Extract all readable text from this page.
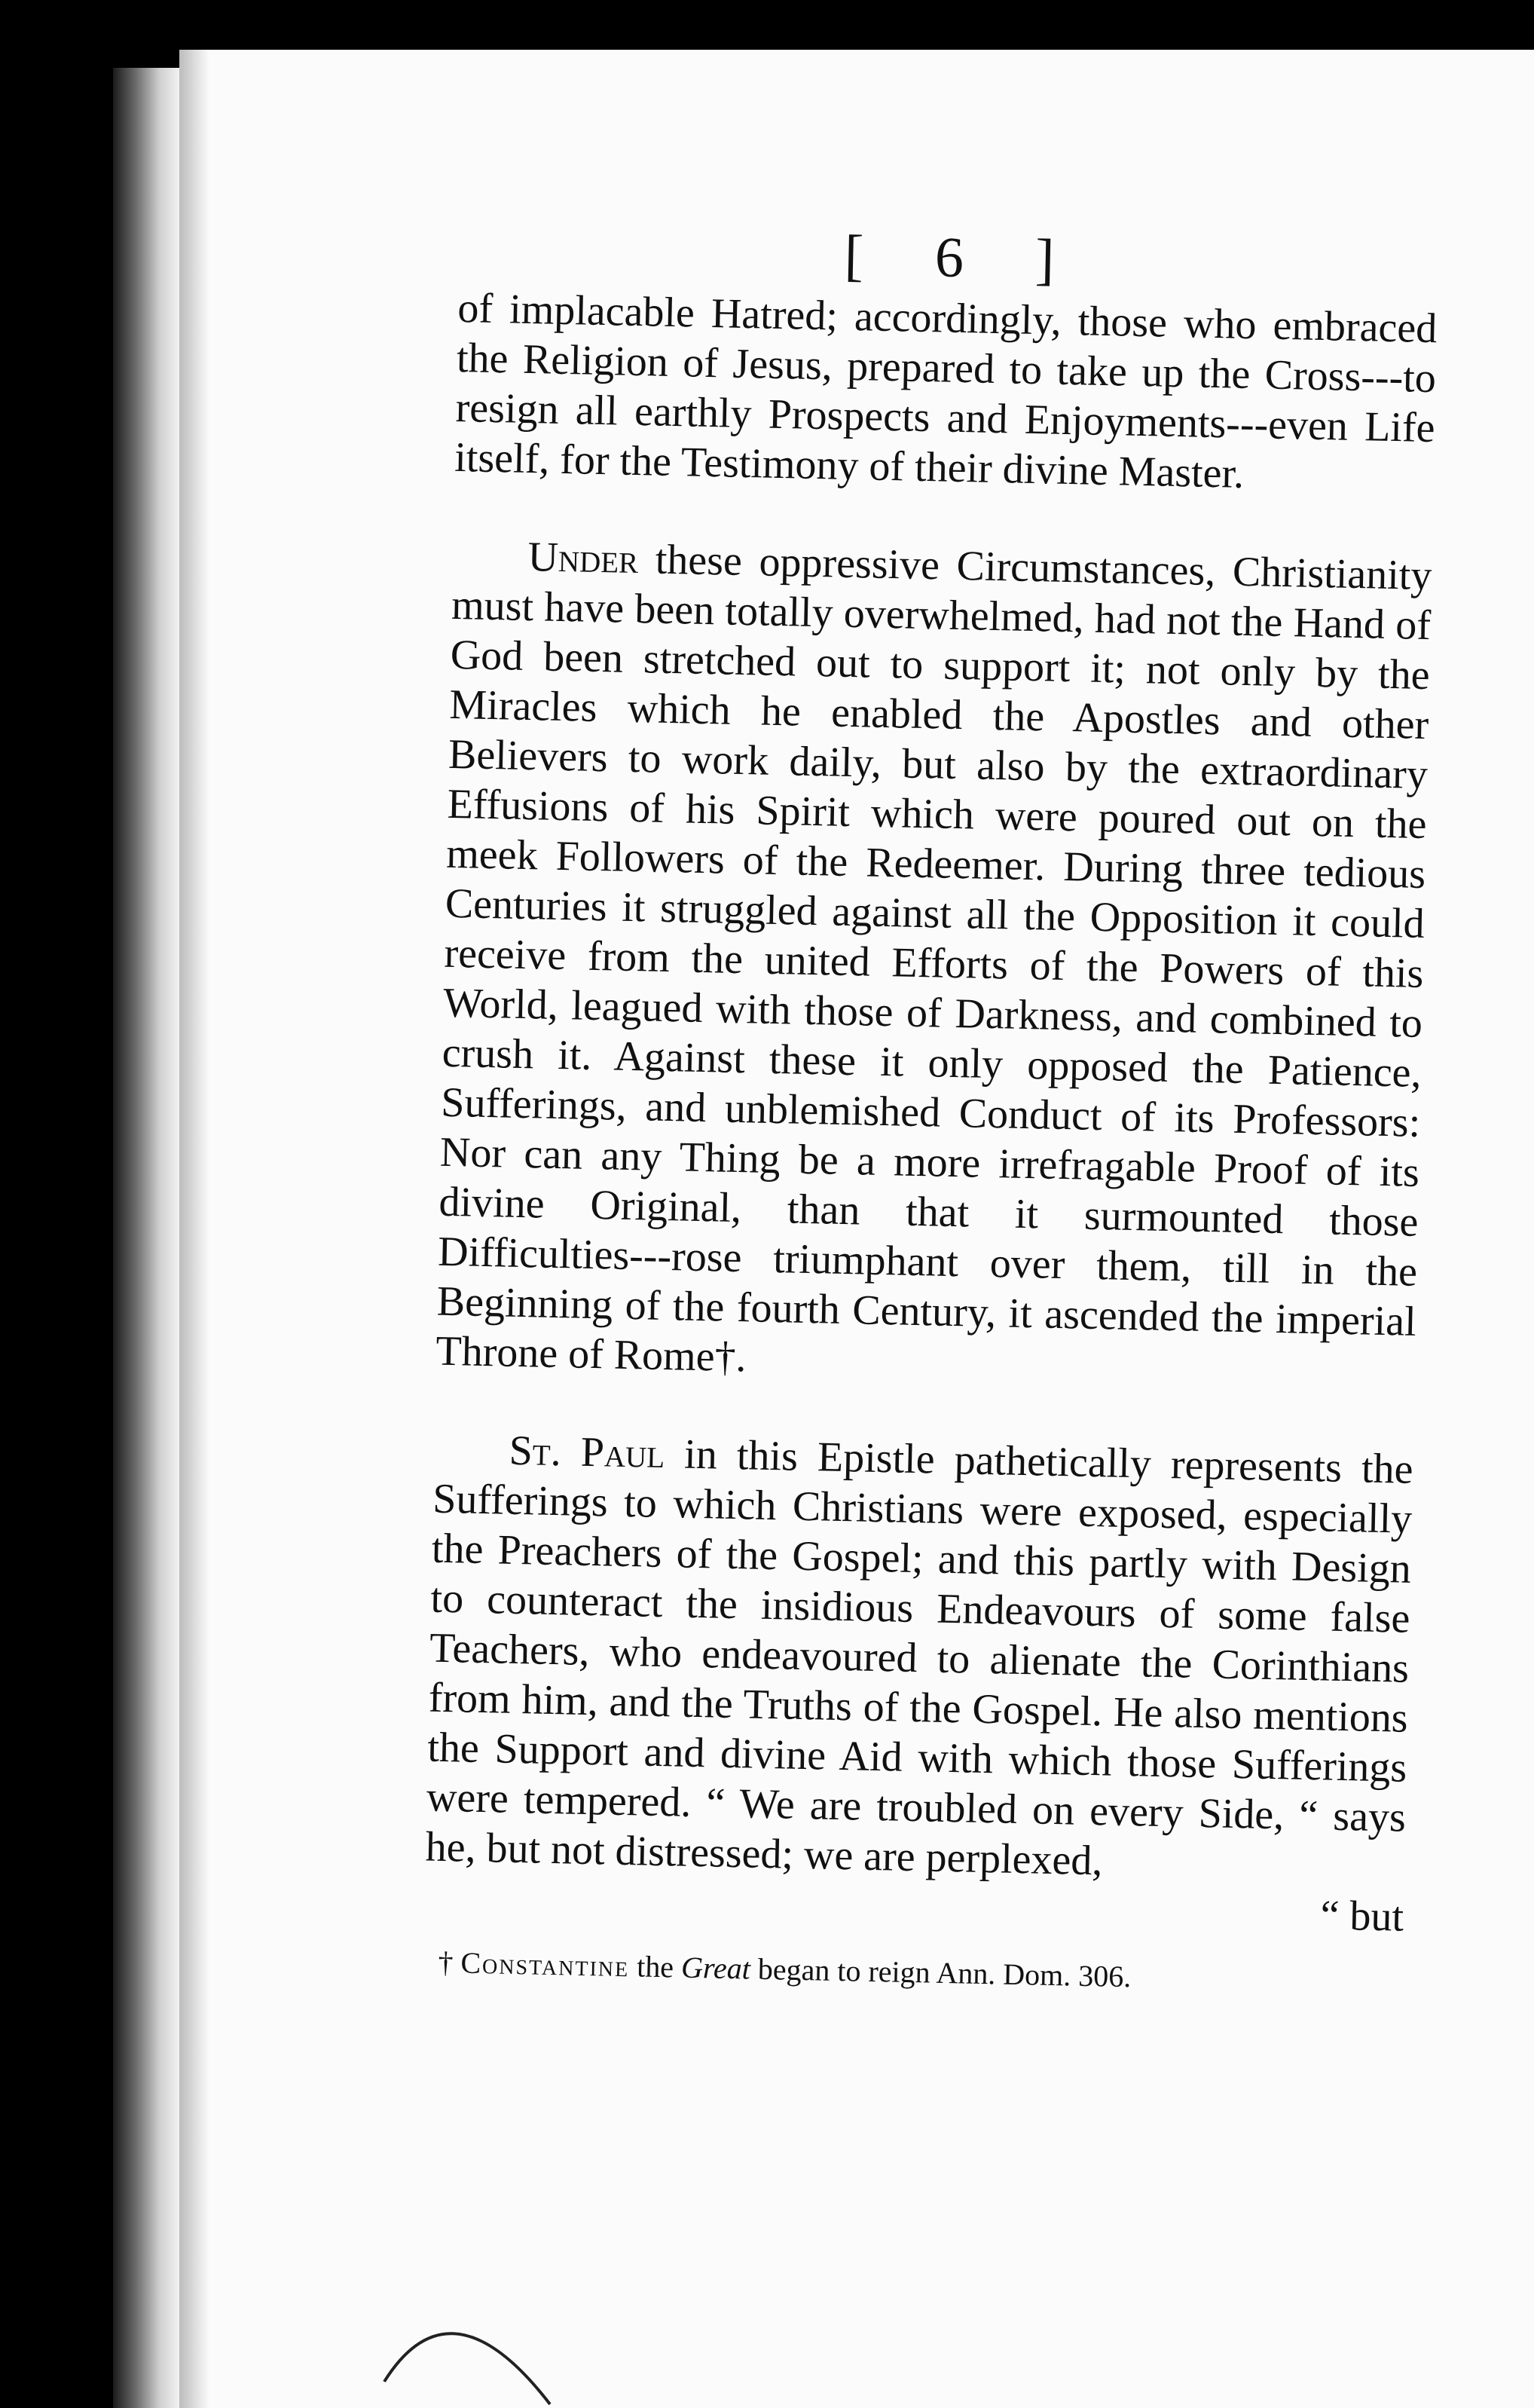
[ 6 ]

of implacable Hatred; accordingly, those who embraced the Religion of Jesus, prepared to take up the Cross---to resign all earthly Prospects and Enjoyments---even Life itself, for the Testimony of their divine Master.

Under these oppressive Circumstances, Christianity must have been totally overwhelmed, had not the Hand of God been stretched out to support it; not only by the Miracles which he enabled the Apostles and other Believers to work daily, but also by the extraordinary Effusions of his Spirit which were poured out on the meek Followers of the Redeemer. During three tedious Centuries it struggled against all the Opposition it could receive from the united Efforts of the Powers of this World, leagued with those of Darkness, and combined to crush it. Against these it only opposed the Patience, Sufferings, and unblemished Conduct of its Professors: Nor can any Thing be a more irrefragable Proof of its divine Original, than that it surmounted those Difficulties---rose triumphant over them, till in the Beginning of the fourth Century, it ascended the imperial Throne of Rome†.

St. Paul in this Epistle pathetically represents the Sufferings to which Christians were exposed, especially the Preachers of the Gospel; and this partly with Design to counteract the insidious Endeavours of some false Teachers, who endeavoured to alienate the Corinthians from him, and the Truths of the Gospel. He also mentions the Support and divine Aid with which those Sufferings were tempered. “ We are troubled on every Side, “ says he, but not distressed; we are perplexed,

“ but

† Constantine the Great began to reign Ann. Dom. 306.
